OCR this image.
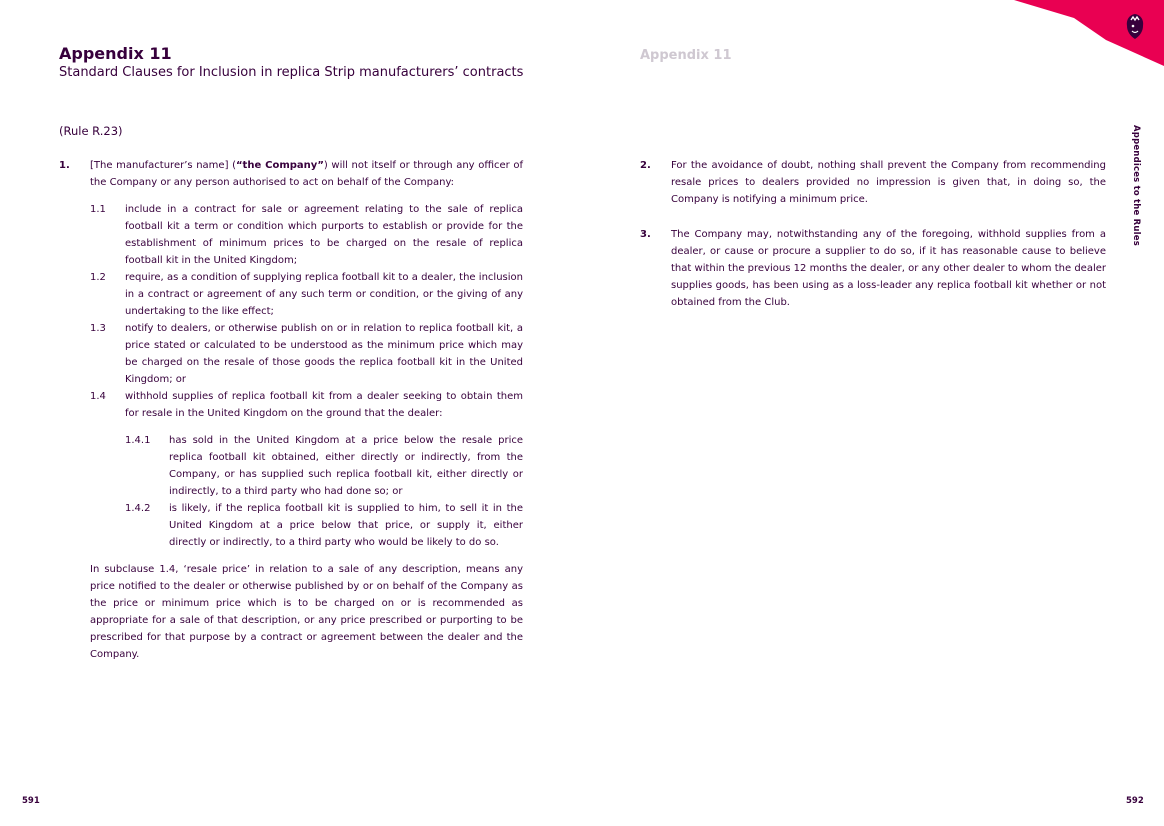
Appendix 11
Standard Clauses for Inclusion in replica Strip manufacturers’ contracts
Appendix 11
(Rule R.23)
1.	[The manufacturer’s name] (“the Company”) will not itself or through any officer of the Company or any person authorised to act on behalf of the Company:
1.1	include in a contract for sale or agreement relating to the sale of replica football kit a term or condition which purports to establish or provide for the establishment of minimum prices to be charged on the resale of replica football kit in the United Kingdom;
1.2	require, as a condition of supplying replica football kit to a dealer, the inclusion in a contract or agreement of any such term or condition, or the giving of any undertaking to the like effect;
1.3	notify to dealers, or otherwise publish on or in relation to replica football kit, a price stated or calculated to be understood as the minimum price which may be charged on the resale of those goods the replica football kit in the United Kingdom; or
1.4	withhold supplies of replica football kit from a dealer seeking to obtain them for resale in the United Kingdom on the ground that the dealer:
1.4.1	has sold in the United Kingdom at a price below the resale price replica football kit obtained, either directly or indirectly, from the Company, or has supplied such replica football kit, either directly or indirectly, to a third party who had done so; or
1.4.2	is likely, if the replica football kit is supplied to him, to sell it in the United Kingdom at a price below that price, or supply it, either directly or indirectly, to a third party who would be likely to do so.
In subclause 1.4, ‘resale price’ in relation to a sale of any description, means any price notified to the dealer or otherwise published by or on behalf of the Company as the price or minimum price which is to be charged on or is recommended as appropriate for a sale of that description, or any price prescribed or purporting to be prescribed for that purpose by a contract or agreement between the dealer and the Company.
2.	For the avoidance of doubt, nothing shall prevent the Company from recommending resale prices to dealers provided no impression is given that, in doing so, the Company is notifying a minimum price.
3.	The Company may, notwithstanding any of the foregoing, withhold supplies from a dealer, or cause or procure a supplier to do so, if it has reasonable cause to believe that within the previous 12 months the dealer, or any other dealer to whom the dealer supplies goods, has been using as a loss-leader any replica football kit whether or not obtained from the Club.
Appendices to the Rules
591	592
